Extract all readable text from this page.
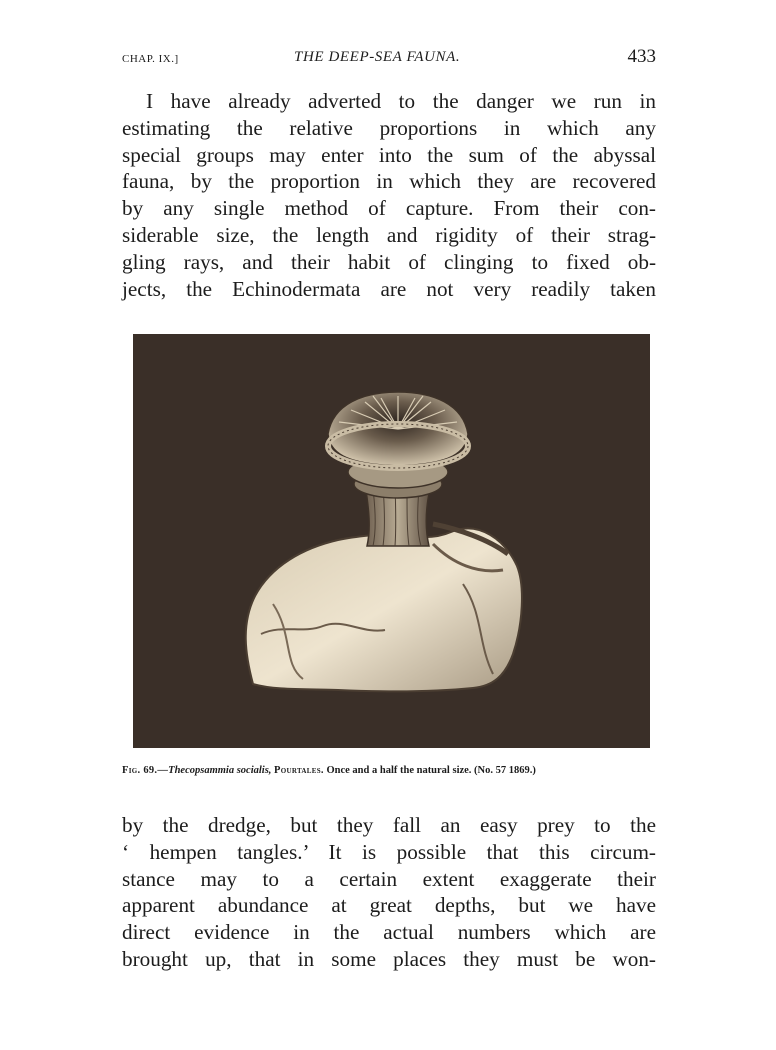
CHAP. IX.]	THE DEEP-SEA FAUNA.	433
I have already adverted to the danger we run in
estimating the relative proportions in which any
special groups may enter into the sum of the abyssal
fauna, by the proportion in which they are recovered
by any single method of capture. From their con-
siderable size, the length and rigidity of their strag-
gling rays, and their habit of clinging to fixed ob-
jects, the Echinodermata are not very readily taken
Fig. 69.—Thecopsammia socialis, Pourtales. Once and a half the natural size. (No. 57 1869.)
by the dredge, but they fall an easy prey to the
‘ hempen tangles.’ It is possible that this circum-
stance may to a certain extent exaggerate their
apparent abundance at great depths, but we have
direct evidence in the actual numbers which are
brought up, that in some places they must be won-
